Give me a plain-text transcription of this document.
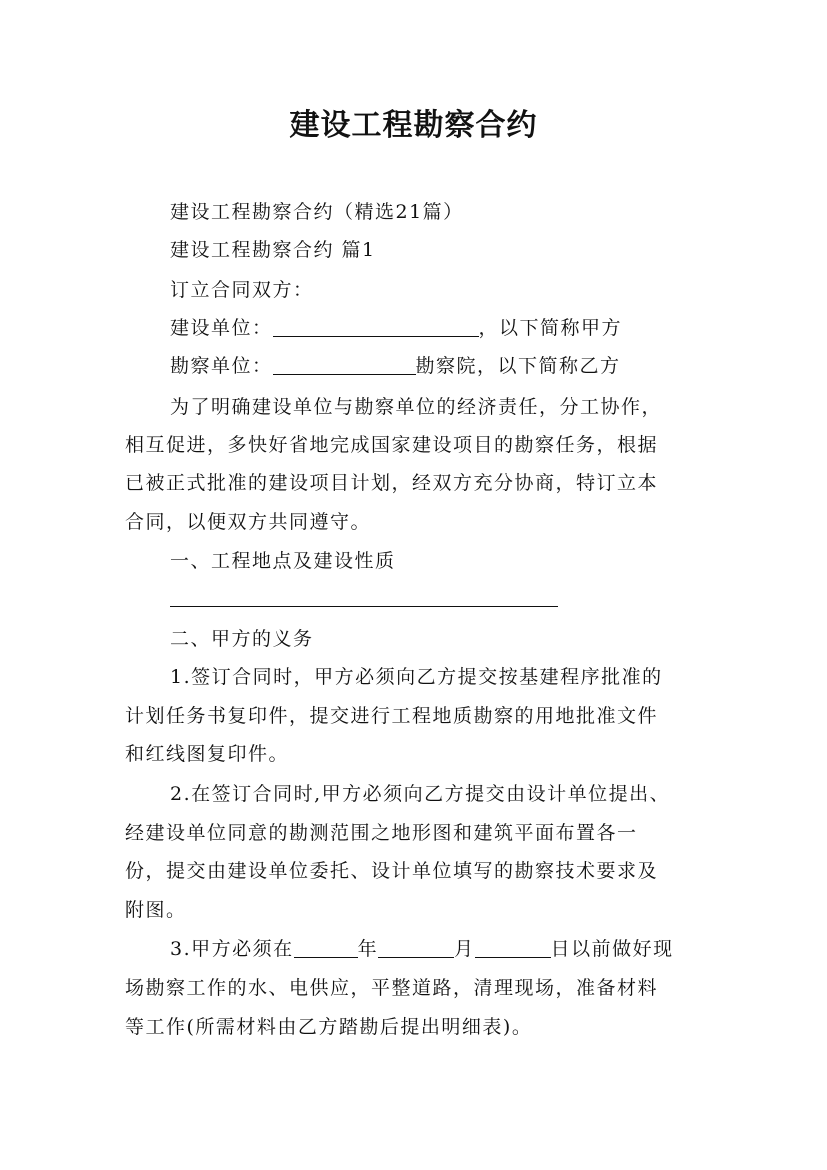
建设工程勘察合约
建设工程勘察合约（精选21篇）
建设工程勘察合约 篇1
订立合同双方：
建设单位：	，以下简称甲方
勘察单位：	勘察院，以下简称乙方
为了明确建设单位与勘察单位的经济责任，分工协作，
相互促进，多快好省地完成国家建设项目的勘察任务，根据
已被正式批准的建设项目计划，经双方充分协商，特订立本
合同，以便双方共同遵守。
一、工程地点及建设性质
二、甲方的义务
1.签订合同时，甲方必须向乙方提交按基建程序批准的
计划任务书复印件，提交进行工程地质勘察的用地批准文件
和红线图复印件。
2.在签订合同时,甲方必须向乙方提交由设计单位提出、
经建设单位同意的勘测范围之地形图和建筑平面布置各一
份，提交由建设单位委托、设计单位填写的勘察技术要求及
附图。
3.甲方必须在	年	月	日以前做好现
场勘察工作的水、电供应，平整道路，清理现场，准备材料
等工作(所需材料由乙方踏勘后提出明细表)。
